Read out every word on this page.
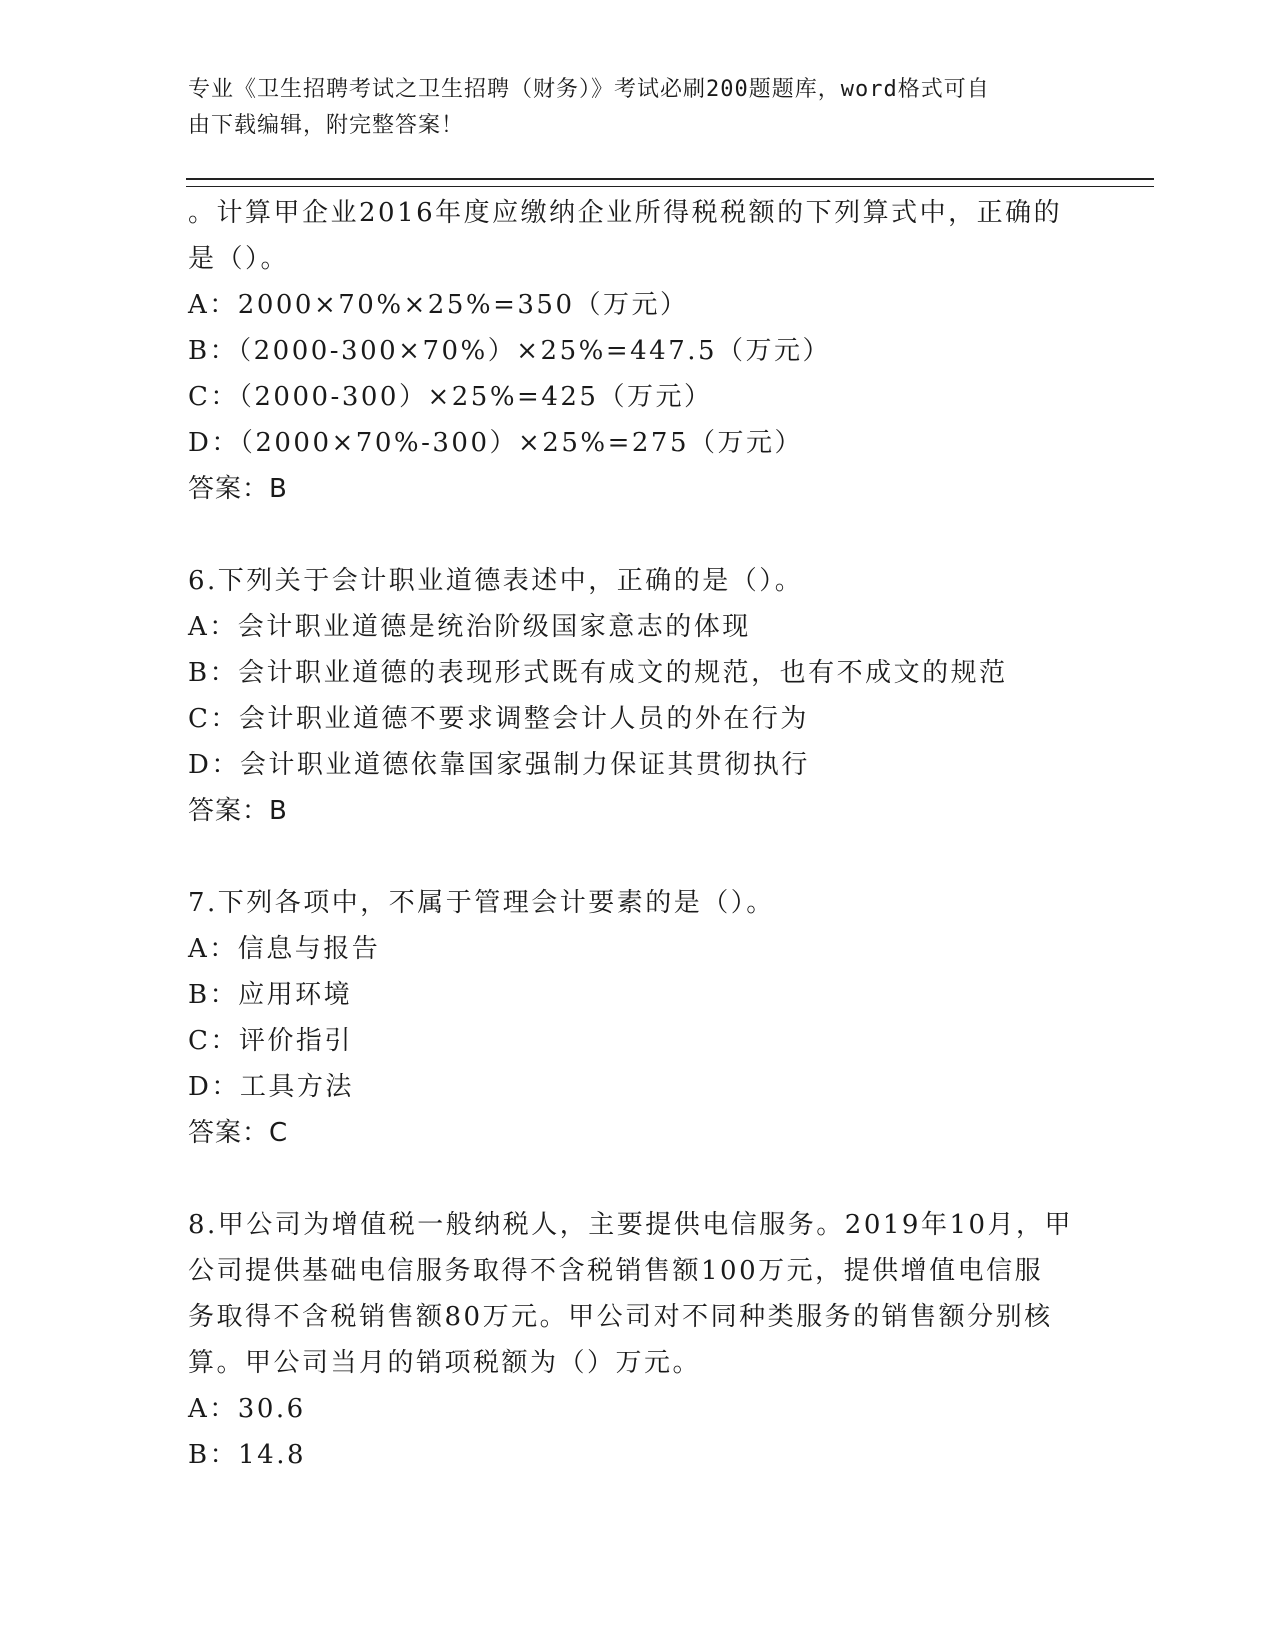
专业《卫生招聘考试之卫生招聘（财务）》考试必刷200题题库，word格式可自
由下载编辑，附完整答案！
。计算甲企业2016年度应缴纳企业所得税税额的下列算式中，正确的
是（）。
A：2000×70%×25%=350（万元）
B：（2000-300×70%）×25%=447.5（万元）
C：（2000-300）×25%=425（万元）
D：（2000×70%-300）×25%=275（万元）
答案：B
6.下列关于会计职业道德表述中，正确的是（）。
A：会计职业道德是统治阶级国家意志的体现
B：会计职业道德的表现形式既有成文的规范，也有不成文的规范
C：会计职业道德不要求调整会计人员的外在行为
D：会计职业道德依靠国家强制力保证其贯彻执行
答案：B
7.下列各项中，不属于管理会计要素的是（）。
A：信息与报告
B：应用环境
C：评价指引
D：工具方法
答案：C
8.甲公司为增值税一般纳税人，主要提供电信服务。2019年10月，甲
公司提供基础电信服务取得不含税销售额100万元，提供增值电信服
务取得不含税销售额80万元。甲公司对不同种类服务的销售额分别核
算。甲公司当月的销项税额为（）万元。
A：30.6
B：14.8
